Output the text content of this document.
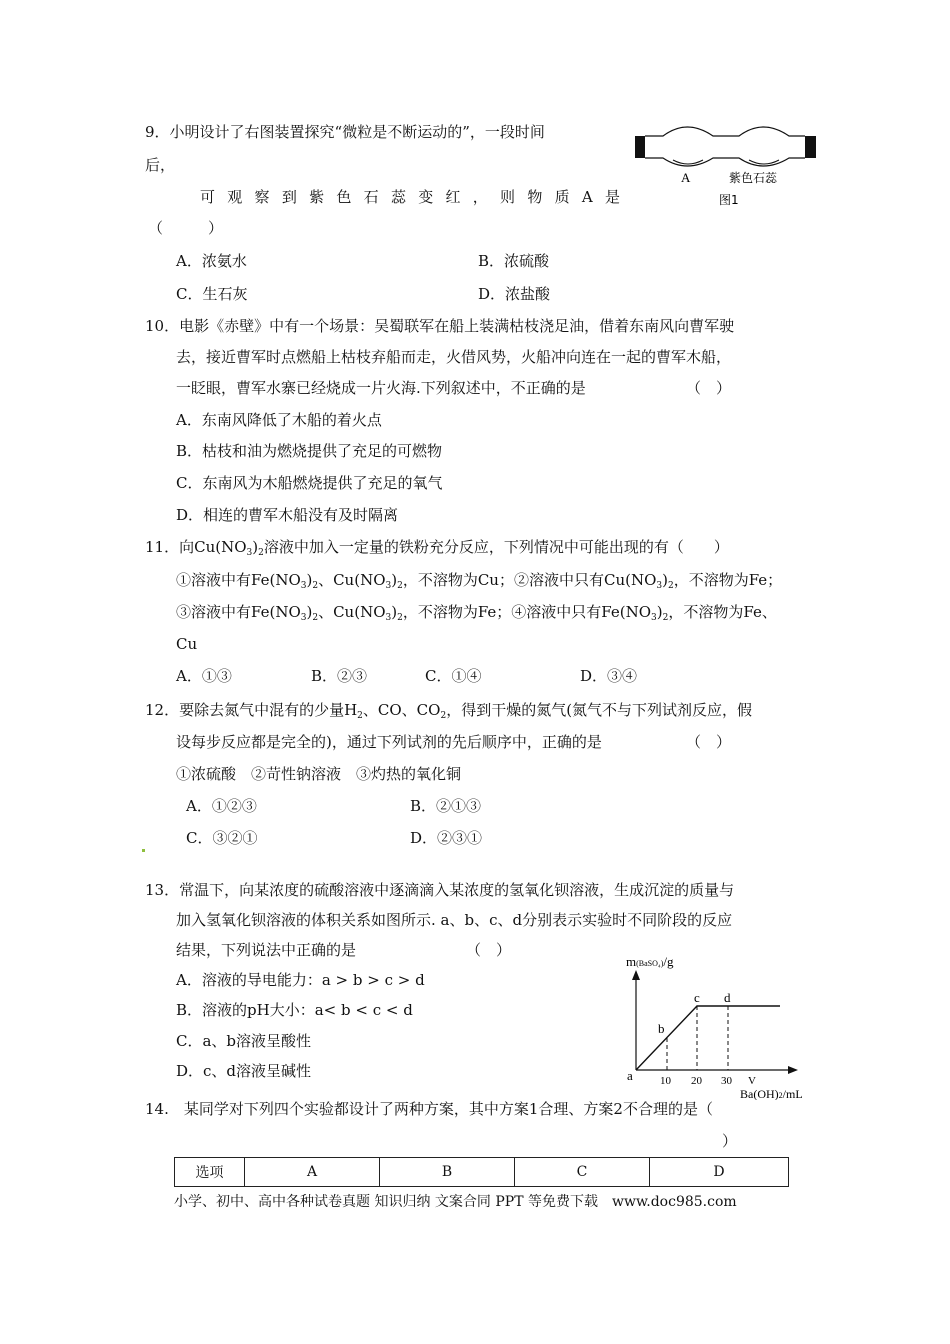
9．小明设计了右图装置探究“微粒是不断运动的”，一段时间
后，
可观察到紫色石蕊变红，则物质A是
（　　　）
A．浓氨水	B．浓硫酸
C．生石灰	D．浓盐酸
A	紫色石蕊
图1
10．电影《赤壁》中有一个场景：吴蜀联军在船上装满枯枝浇足油，借着东南风向曹军驶
去，接近曹军时点燃船上枯枝弃船而走，火借风势，火船冲向连在一起的曹军木船，
一眨眼，曹军水寨已经烧成一片火海.下列叙述中，不正确的是	（　）
A．东南风降低了木船的着火点
B．枯枝和油为燃烧提供了充足的可燃物
C．东南风为木船燃烧提供了充足的氧气
D．相连的曹军木船没有及时隔离
11．向$Cu(NO_3)_2$溶液中加入一定量的铁粉充分反应，下列情况中可能出现的有（　　）
①溶液中有$Fe(NO_3)_2$、$Cu(NO_3)_2$，不溶物为Cu；②溶液中只有$Cu(NO_3)_2$，不溶物为Fe；
③溶液中有$Fe(NO_3)_2$、$Cu(NO_3)_2$，不溶物为Fe；④溶液中只有$Fe(NO_3)_2$，不溶物为Fe、
Cu
A．①③	B．②③	C．①④	D．③④
12．要除去氮气中混有的少量$H_2$、CO、$CO_2$，得到干燥的氮气(氮气不与下列试剂反应，假
设每步反应都是完全的)，通过下列试剂的先后顺序中，正确的是	（　）
①浓硫酸　②苛性钠溶液　③灼热的氧化铜
A．①②③	B．②①③
C．③②①	D．②③①
13．常温下，向某浓度的硫酸溶液中逐滴滴入某浓度的氢氧化钡溶液，生成沉淀的质量与
加入氢氧化钡溶液的体积关系如图所示. a、b、c、d分别表示实验时不同阶段的反应
结果，下列说法中正确的是	（　）
A．溶液的导电能力：a > b > c > d
B．溶液的pH大小：a< b < c < d
C．a、b溶液呈酸性
D．c、d溶液呈碱性
m(BaSO₄)/g
a
b
c d
10 20 30 V
Ba(OH)2/mL
14.　某同学对下列四个实验都设计了两种方案，其中方案1合理、方案2不合理的是（
）
选项	A	B	C	D
小学、初中、高中各种试卷真题 知识归纳 文案合同 PPT 等免费下载　www.doc985.com
